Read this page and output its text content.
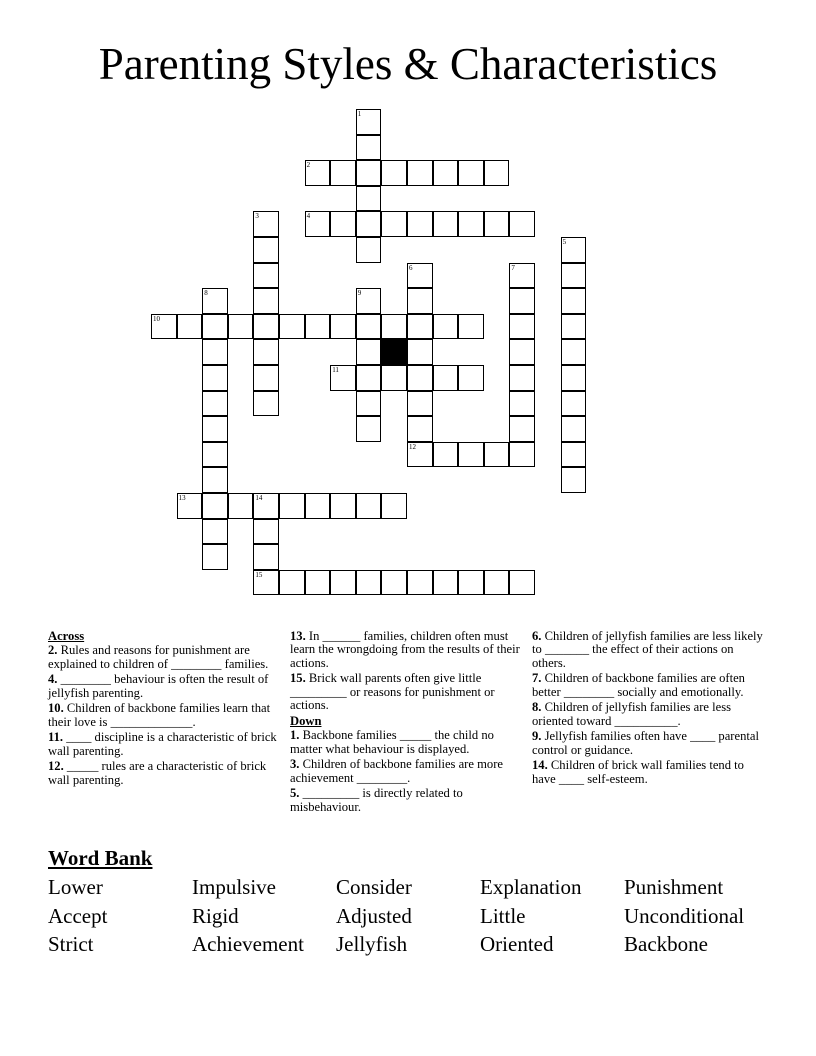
Parenting Styles & Characteristics
1
2
3	4
5
6
12
7
8	9
10
11
13	14
15
Across
2. Rules and reasons for punishment are explained to children of ________ families.
4. ________ behaviour is often the result of jellyfish parenting.
10. Children of backbone families learn that their love is _____________.
11. ____ discipline is a characteristic of brick wall parenting.
12. _____ rules are a characteristic of brick wall parenting.
13. In ______ families, children often must learn the wrongdoing from the results of their actions.
15. Brick wall parents often give little _________ or reasons for punishment or actions.
Down
1. Backbone families _____ the child no matter what behaviour is displayed.
3. Children of backbone families are more achievement ________.
5. _________ is directly related to misbehaviour.
6. Children of jellyfish families are less likely to _______ the effect of their actions on others.
7. Children of backbone families are often better ________ socially and emotionally.
8. Children of jellyfish families are less oriented toward __________.
9. Jellyfish families often have ____ parental control or guidance.
14. Children of brick wall families tend to have ____ self-esteem.
Word Bank
Lower	Impulsive	Consider	Explanation Punishment
Accept	Rigid	Adjusted	Little	Unconditional
Strict	Achievement Jellyfish	Oriented	Backbone
